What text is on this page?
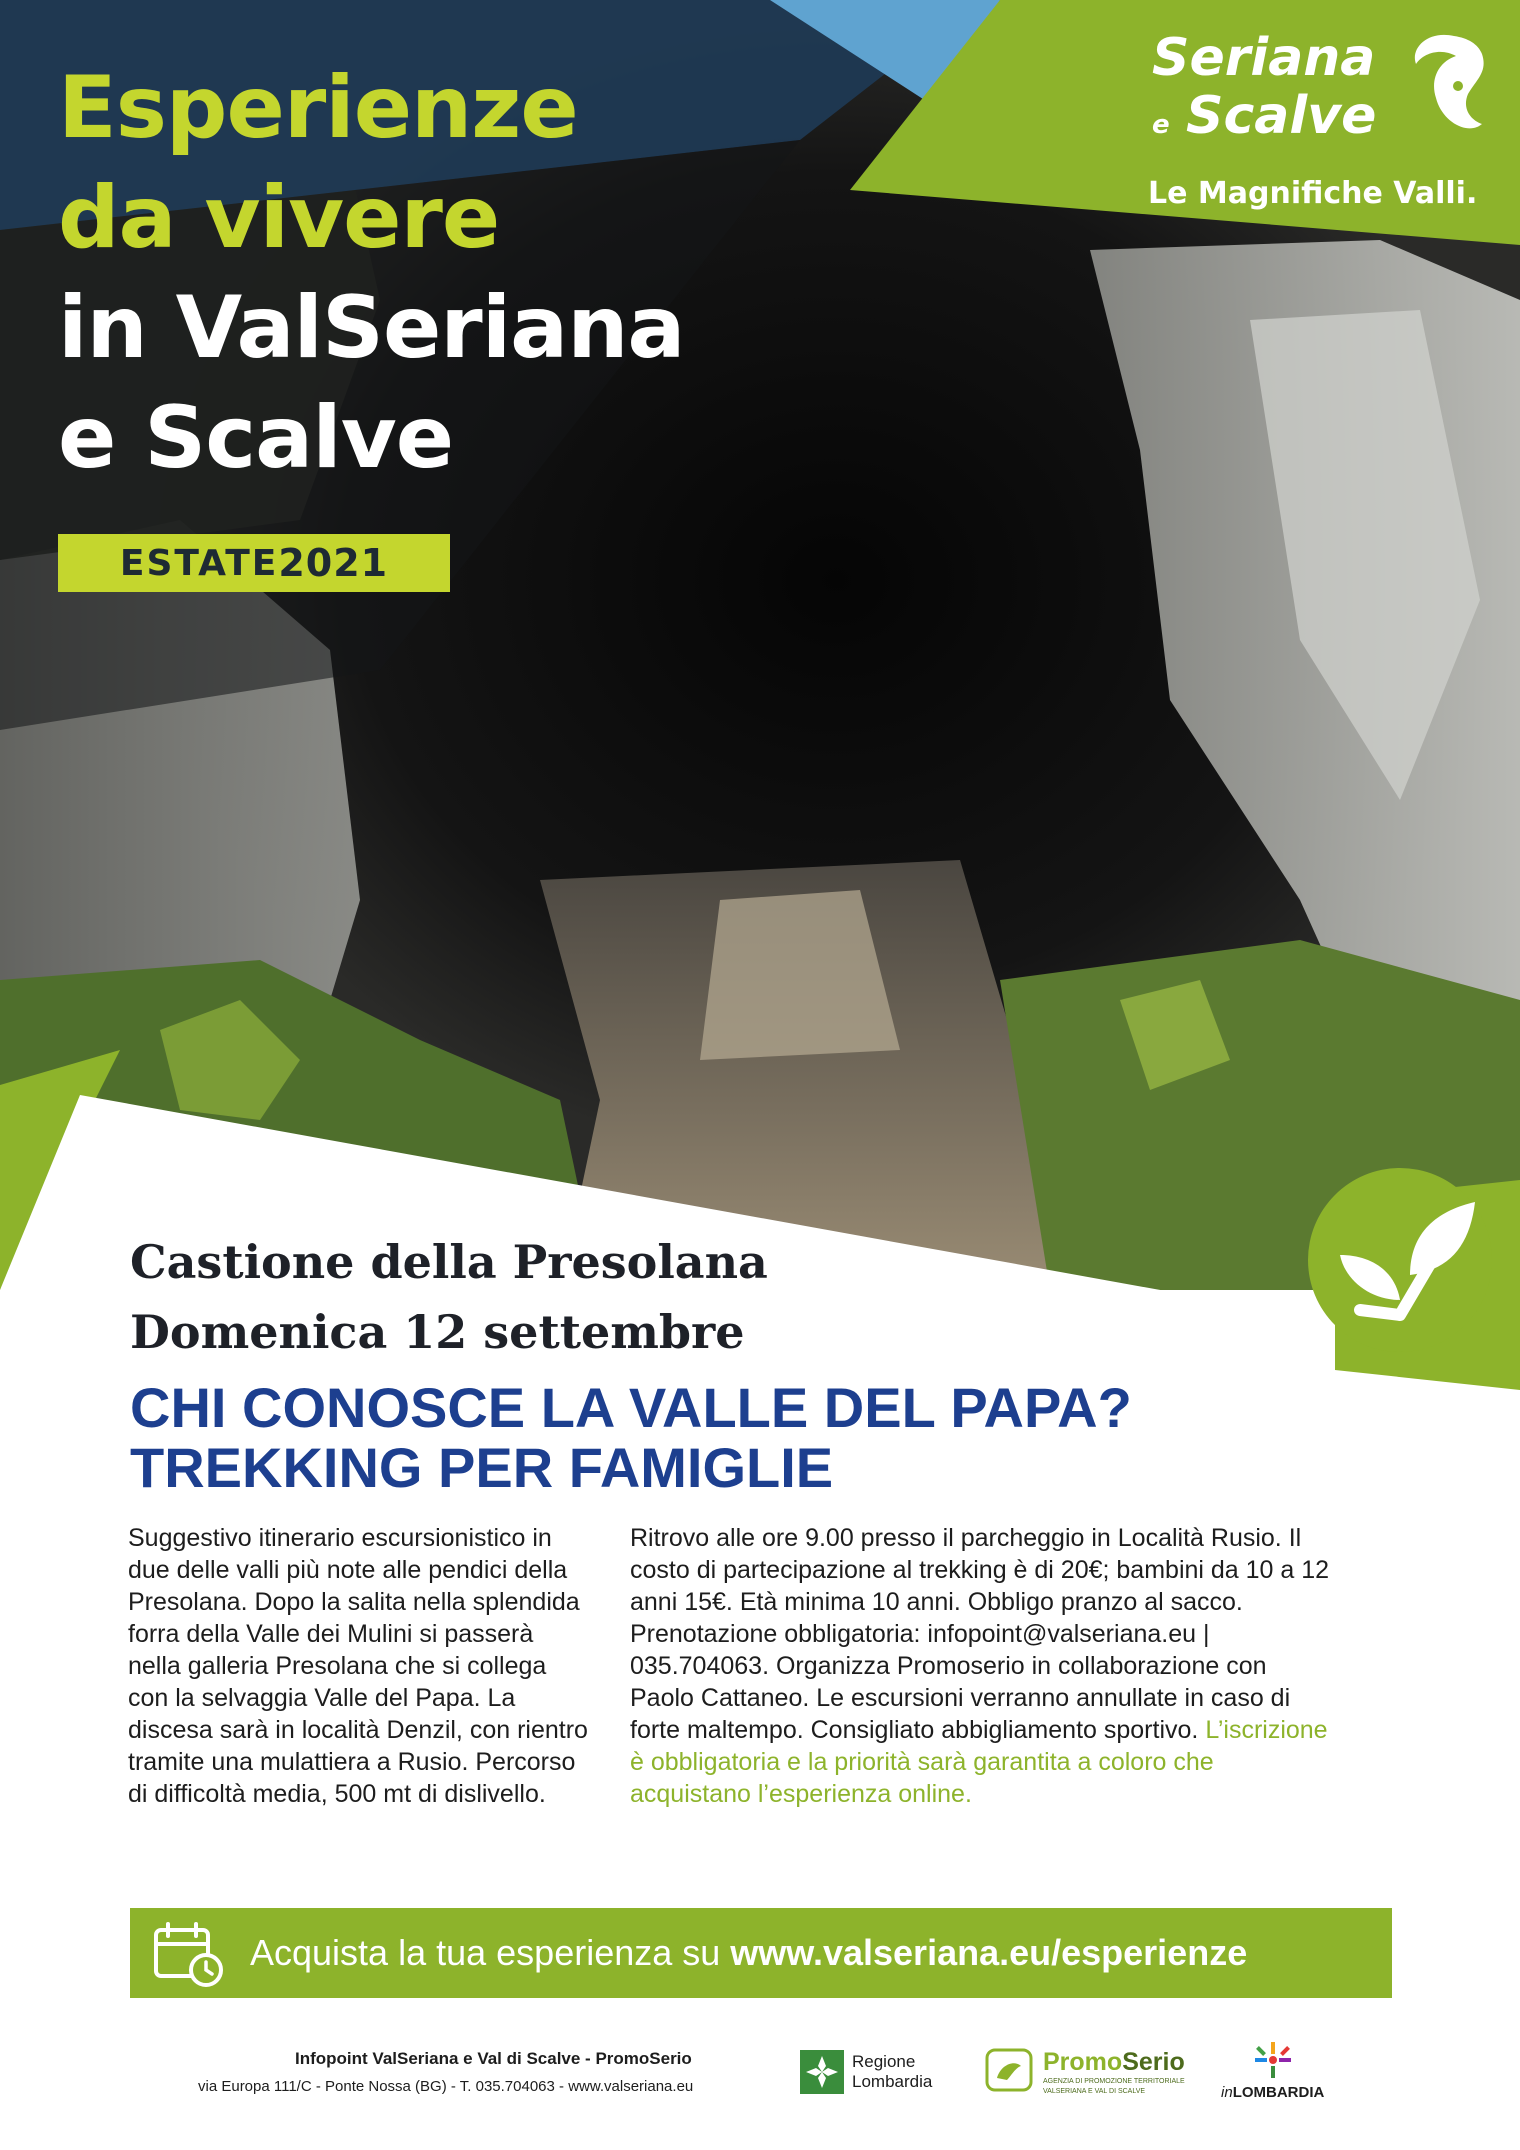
Esperienze
da vivere
in ValSeriana
e Scalve
ESTATE 2021
Seriana
e Scalve
Le Magnifiche Valli.
Castione della Presolana
Domenica 12 settembre
CHI CONOSCE LA VALLE DEL PAPA?
TREKKING PER FAMIGLIE

Suggestivo itinerario escursionistico in due delle valli più note alle pendici della Presolana. Dopo la salita nella splendida forra della Valle dei Mulini si passerà nella galleria Presolana che si collega con la selvaggia Valle del Papa. La discesa sarà in località Denzil, con rientro tramite una mulattiera a Rusio. Percorso di difficoltà media, 500 mt di dislivello.

Ritrovo alle ore 9.00 presso il parcheggio in Località Rusio. Il costo di partecipazione al trekking è di 20€; bambini da 10 a 12 anni 15€. Età minima 10 anni. Obbligo pranzo al sacco. Prenotazione obbligatoria: infopoint@valseriana.eu | 035.704063. Organizza Promoserio in collaborazione con Paolo Cattaneo. Le escursioni verranno annullate in caso di forte maltempo. Consigliato abbigliamento sportivo. L’iscrizione è obbligatoria e la priorità sarà garantita a coloro che acquistano l’esperienza online.

Acquista la tua esperienza su www.valseriana.eu/esperienze
Infopoint ValSeriana e Val di Scalve - PromoSerio
via Europa 111/C - Ponte Nossa (BG) - T. 035.704063 - www.valseriana.eu
Regione
Lombardia
PromoSerio
AGENZIA DI PROMOZIONE TERRITORIALE
VALSERIANA E VAL DI SCALVE	inLOMBARDIA
